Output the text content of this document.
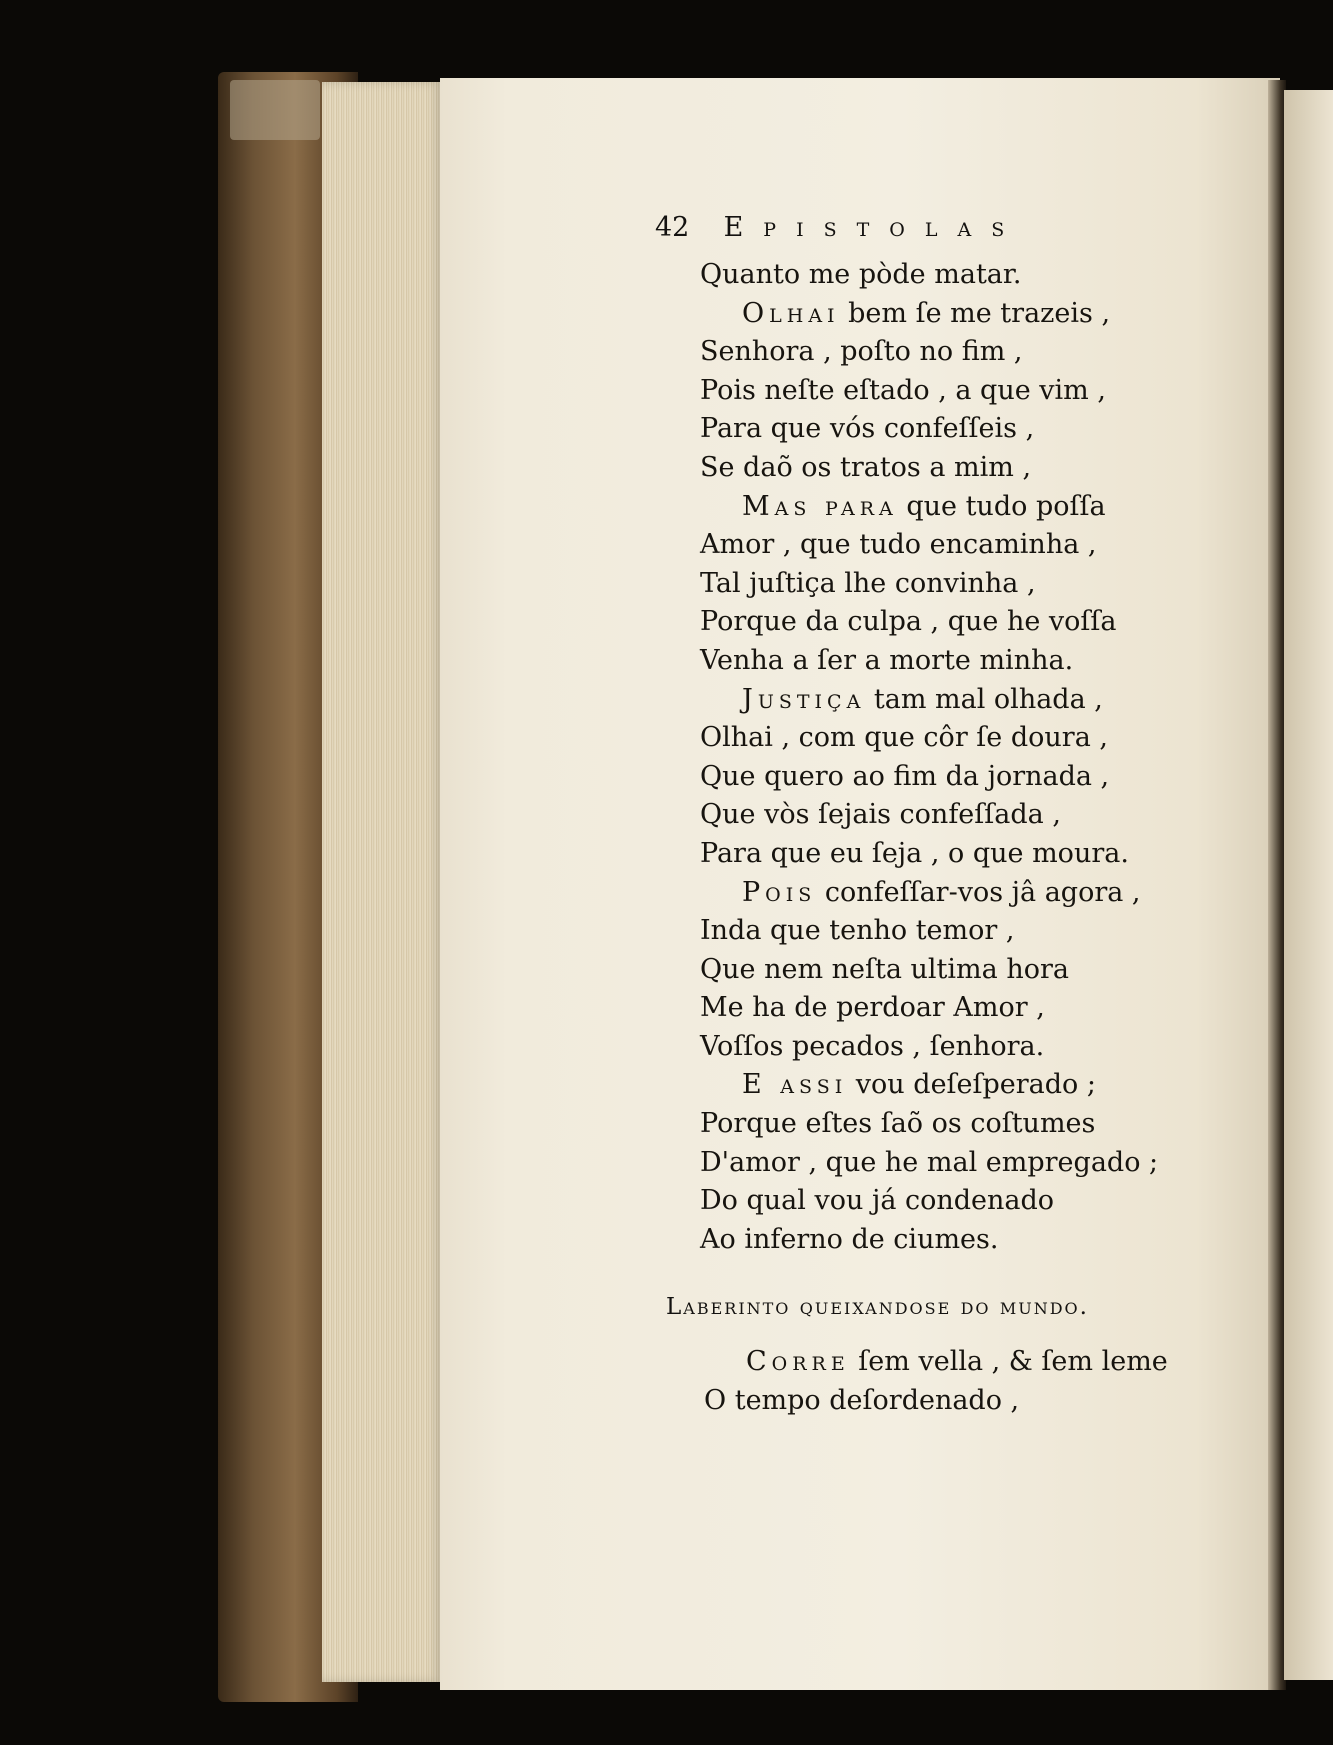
42 Epistolas
Quanto me pòde matar.
Olhai bem ſe me trazeis ,
Senhora , poſto no fim ,
Pois neſte eſtado , a que vim ,
Para que vós confeſſeis ,
Se daõ os tratos a mim ,
Mas para que tudo poſſa
Amor , que tudo encaminha ,
Tal juſtiça lhe convinha ,
Porque da culpa , que he voſſa
Venha a ſer a morte minha.
Justiça tam mal olhada ,
Olhai , com que côr ſe doura ,
Que quero ao fim da jornada ,
Que vòs ſejais confeſſada ,
Para que eu ſeja , o que moura.
Pois confeſſar-vos jâ agora ,
Inda que tenho temor ,
Que nem neſta ultima hora
Me ha de perdoar Amor ,
Voſſos pecados , ſenhora.
E assi vou deſeſperado ;
Porque eſtes ſaõ os coſtumes
D'amor , que he mal empregado ;
Do qual vou já condenado
Ao inferno de ciumes.
Laberinto queixandose do mundo.
Corre ſem vella , & ſem leme
O tempo deſordenado ,
